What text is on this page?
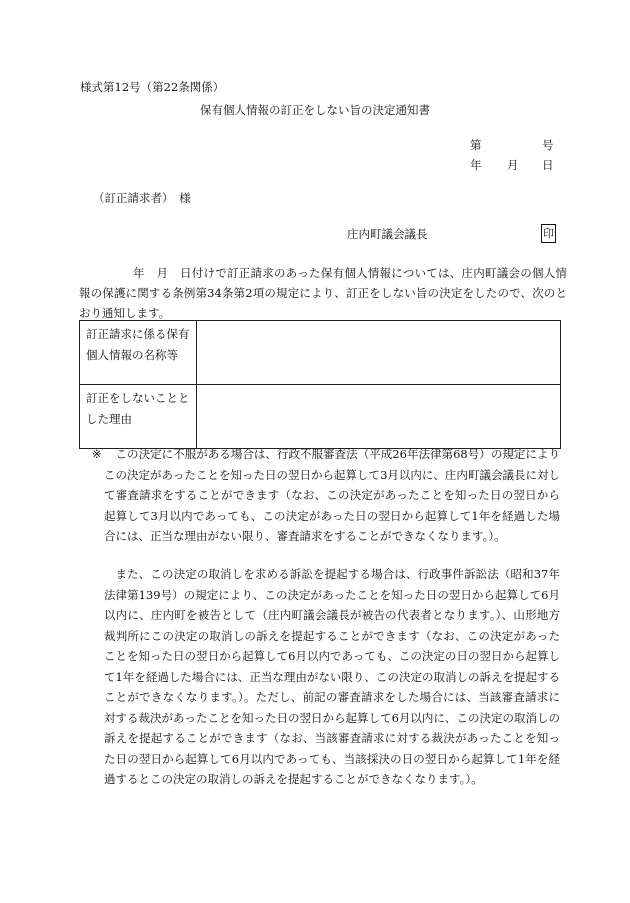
様式第12号（第22条関係）
保有個人情報の訂正をしない旨の決定通知書
第	号
年 月 日
（訂正請求者）　様
庄内町議会議長	印
年　月　日付けで訂正請求のあった保有個人情報については、庄内町議会の個人情報の保護に関する条例第34条第2項の規定により、訂正をしない旨の決定をしたので、次のとおり通知します。
訂正請求に係る保有個人情報の名称等	
訂正をしないこととした理由	
※	この決定に不服がある場合は、行政不服審査法（平成26年法律第68号）の規定によりこの決定があったことを知った日の翌日から起算して3月以内に、庄内町議会議長に対して審査請求をすることができます（なお、この決定があったことを知った日の翌日から起算して3月以内であっても、この決定があった日の翌日から起算して1年を経過した場合には、正当な理由がない限り、審査請求をすることができなくなります。）。
また、この決定の取消しを求める訴訟を提起する場合は、行政事件訴訟法（昭和37年法律第139号）の規定により、この決定があったことを知った日の翌日から起算して6月以内に、庄内町を被告として（庄内町議会議長が被告の代表者となります。）、山形地方裁判所にこの決定の取消しの訴えを提起することができます（なお、この決定があったことを知った日の翌日から起算して6月以内であっても、この決定の日の翌日から起算して1年を経過した場合には、正当な理由がない限り、この決定の取消しの訴えを提起することができなくなります。）。ただし、前記の審査請求をした場合には、当該審査請求に対する裁決があったことを知った日の翌日から起算して6月以内に、この決定の取消しの訴えを提起することができます（なお、当該審査請求に対する裁決があったことを知った日の翌日から起算して6月以内であっても、当該採決の日の翌日から起算して1年を経過するとこの決定の取消しの訴えを提起することができなくなります。）。
